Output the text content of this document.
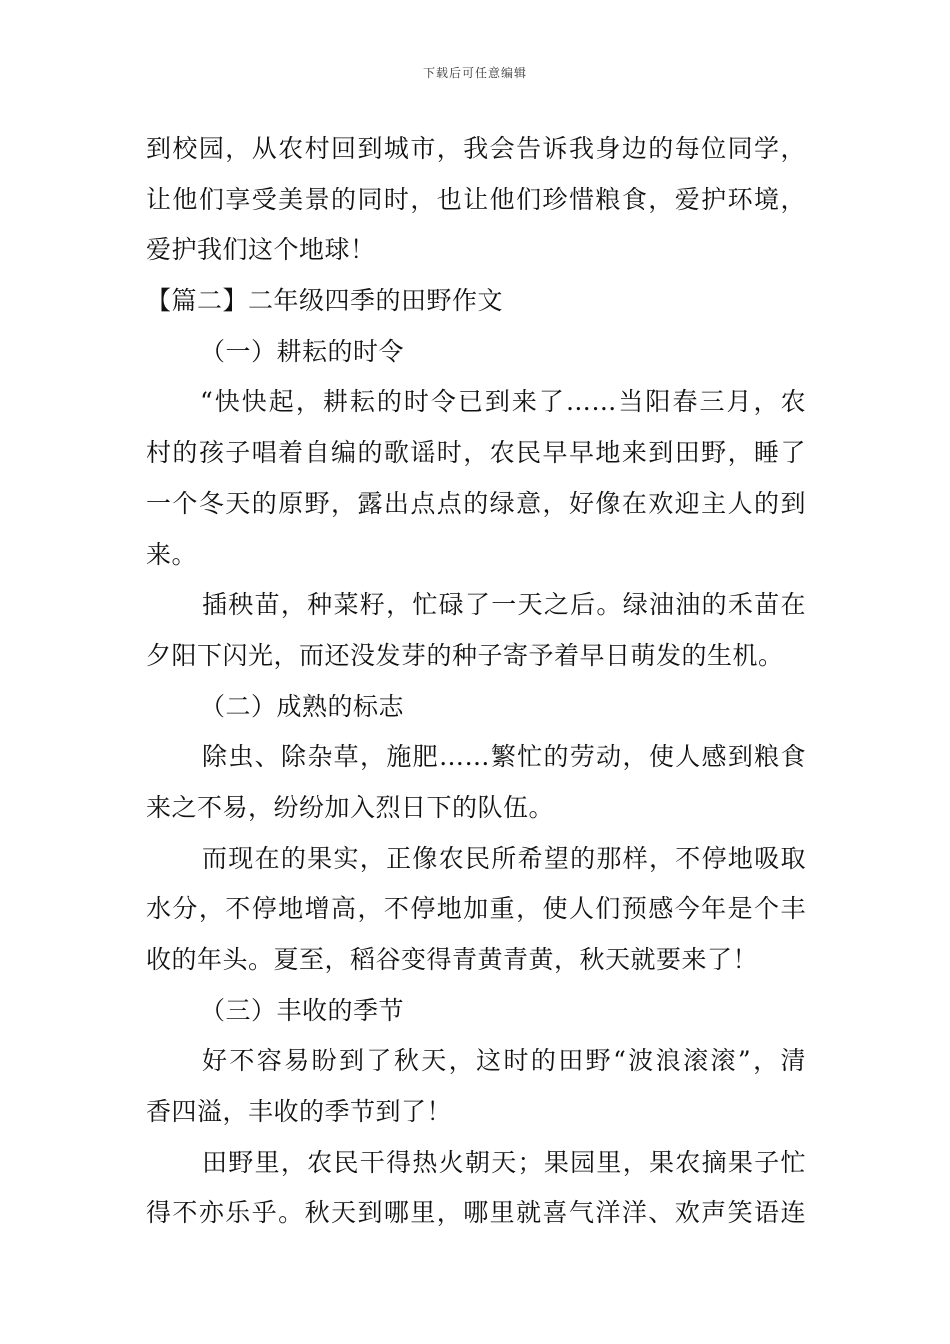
下载后可任意编辑
到校园，从农村回到城市，我会告诉我身边的每位同学，
让他们享受美景的同时，也让他们珍惜粮食，爱护环境，
爱护我们这个地球！
【篇二】二年级四季的田野作文
（一）耕耘的时令
“快快起，耕耘的时令已到来了……当阳春三月，农
村的孩子唱着自编的歌谣时，农民早早地来到田野，睡了
一个冬天的原野，露出点点的绿意，好像在欢迎主人的到
来。
插秧苗，种菜籽，忙碌了一天之后。绿油油的禾苗在
夕阳下闪光，而还没发芽的种子寄予着早日萌发的生机。
（二）成熟的标志
除虫、除杂草，施肥……繁忙的劳动，使人感到粮食
来之不易，纷纷加入烈日下的队伍。
而现在的果实，正像农民所希望的那样，不停地吸取
水分，不停地增高，不停地加重，使人们预感今年是个丰
收的年头。夏至，稻谷变得青黄青黄，秋天就要来了！
（三）丰收的季节
好不容易盼到了秋天，这时的田野“波浪滚滚”，清
香四溢，丰收的季节到了！
田野里，农民干得热火朝天；果园里，果农摘果子忙
得不亦乐乎。秋天到哪里，哪里就喜气洋洋、欢声笑语连
